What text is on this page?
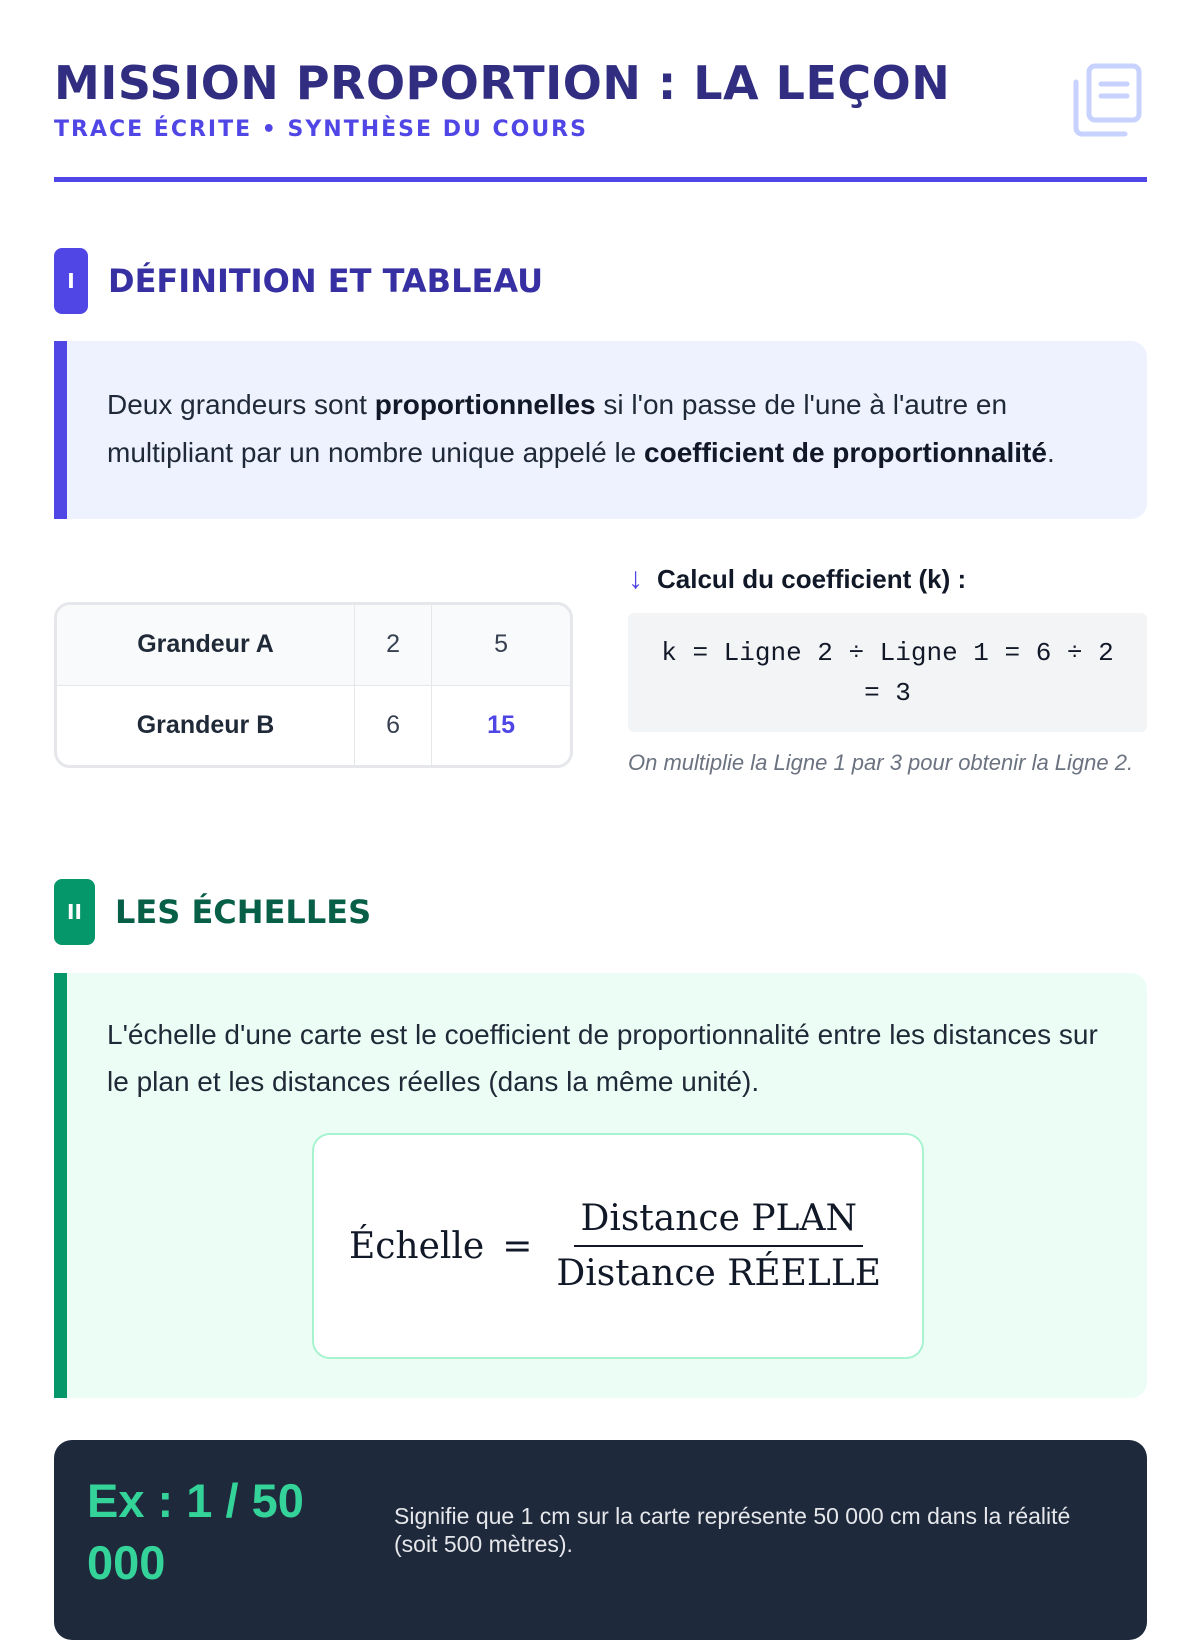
MISSION PROPORTION : LA LEÇON
TRACE ÉCRITE • SYNTHÈSE DU COURS
I	DÉFINITION ET TABLEAU

Deux grandeurs sont proportionnelles si l'on passe de l'une à l'autre en multipliant par un nombre unique appelé le coefficient de proportionnalité.

Grandeur A	2	5
Grandeur B	6	15
↓ Calcul du coefficient (k) :
k = Ligne 2 ÷ Ligne 1 = 6 ÷ 2 = 3
On multiplie la Ligne 1 par 3 pour obtenir la Ligne 2.
II	LES ÉCHELLES

L'échelle d'une carte est le coefficient de proportionnalité entre les distances sur le plan et les distances réelles (dans la même unité).

Échelle = $\frac{\text{Distance PLAN}}{\text{Distance RÉELLE}}$
Ex : 1 / 50 000
Signifie que 1 cm sur la carte représente 50 000 cm dans la réalité (soit 500 mètres).
